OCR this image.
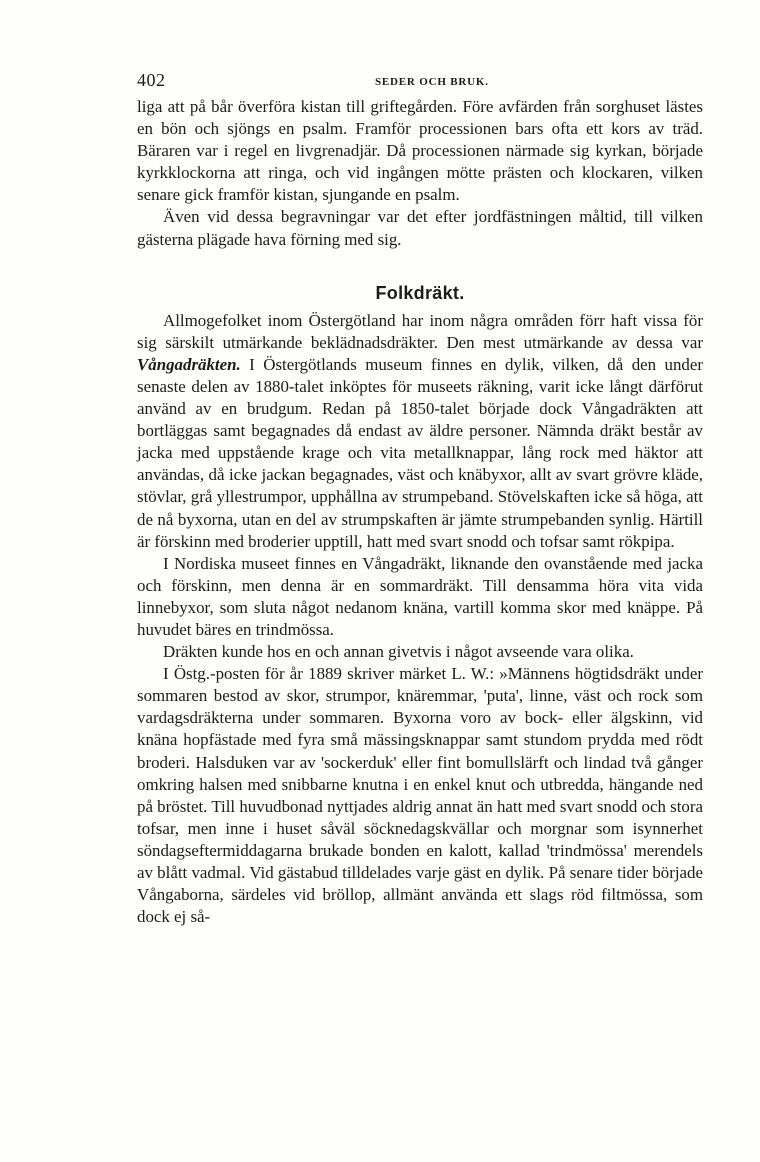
402	SEDER OCH BRUK.

liga att på bår överföra kistan till griftegården. Före avfärden från sorghuset lästes en bön och sjöngs en psalm. Framför processionen bars ofta ett kors av träd. Bäraren var i regel en livgrenadjär. Då processionen närmade sig kyrkan, började kyrkklockorna att ringa, och vid ingången mötte prästen och klockaren, vilken senare gick framför kistan, sjungande en psalm.

Även vid dessa begravningar var det efter jordfästningen måltid, till vilken gästerna plägade hava förning med sig.

Folkdräkt.

Allmogefolket inom Östergötland har inom några områden förr haft vissa för sig särskilt utmärkande beklädnadsdräkter. Den mest utmärkande av dessa var Vångadräkten. I Östergötlands museum finnes en dylik, vilken, då den under senaste delen av 1880-talet inköptes för museets räkning, varit icke långt därförut använd av en brudgum. Redan på 1850-talet började dock Vångadräkten att bortläggas samt begagnades då endast av äldre personer. Nämnda dräkt består av jacka med uppstående krage och vita metallknappar, lång rock med häktor att användas, då icke jackan begagnades, väst och knäbyxor, allt av svart grövre kläde, stövlar, grå yllestrumpor, upphållna av strumpeband. Stövelskaften icke så höga, att de nå byxorna, utan en del av strumpskaften är jämte strumpebanden synlig. Härtill är förskinn med broderier upptill, hatt med svart snodd och tofsar samt rökpipa.

I Nordiska museet finnes en Vångadräkt, liknande den ovanstående med jacka och förskinn, men denna är en sommardräkt. Till densamma höra vita vida linnebyxor, som sluta något nedanom knäna, vartill komma skor med knäppe. På huvudet bäres en trindmössa.

Dräkten kunde hos en och annan givetvis i något avseende vara olika.

I Östg.-posten för år 1889 skriver märket L. W.: »Männens högtidsdräkt under sommaren bestod av skor, strumpor, knäremmar, 'puta', linne, väst och rock som vardagsdräkterna under sommaren. Byxorna voro av bock- eller älgskinn, vid knäna hopfästade med fyra små mässingsknappar samt stundom prydda med rödt broderi. Halsduken var av 'sockerduk' eller fint bomullslärft och lindad två gånger omkring halsen med snibbarne knutna i en enkel knut och utbredda, hängande ned på bröstet. Till huvudbonad nyttjades aldrig annat än hatt med svart snodd och stora tofsar, men inne i huset såväl söcknedagskvällar och morgnar som isynnerhet söndagseftermiddagarna brukade bonden en kalott, kallad 'trindmössa' merendels av blått vadmal. Vid gästabud tilldelades varje gäst en dylik. På senare tider började Vångaborna, särdeles vid bröllop, allmänt använda ett slags röd filtmössa, som dock ej så-
